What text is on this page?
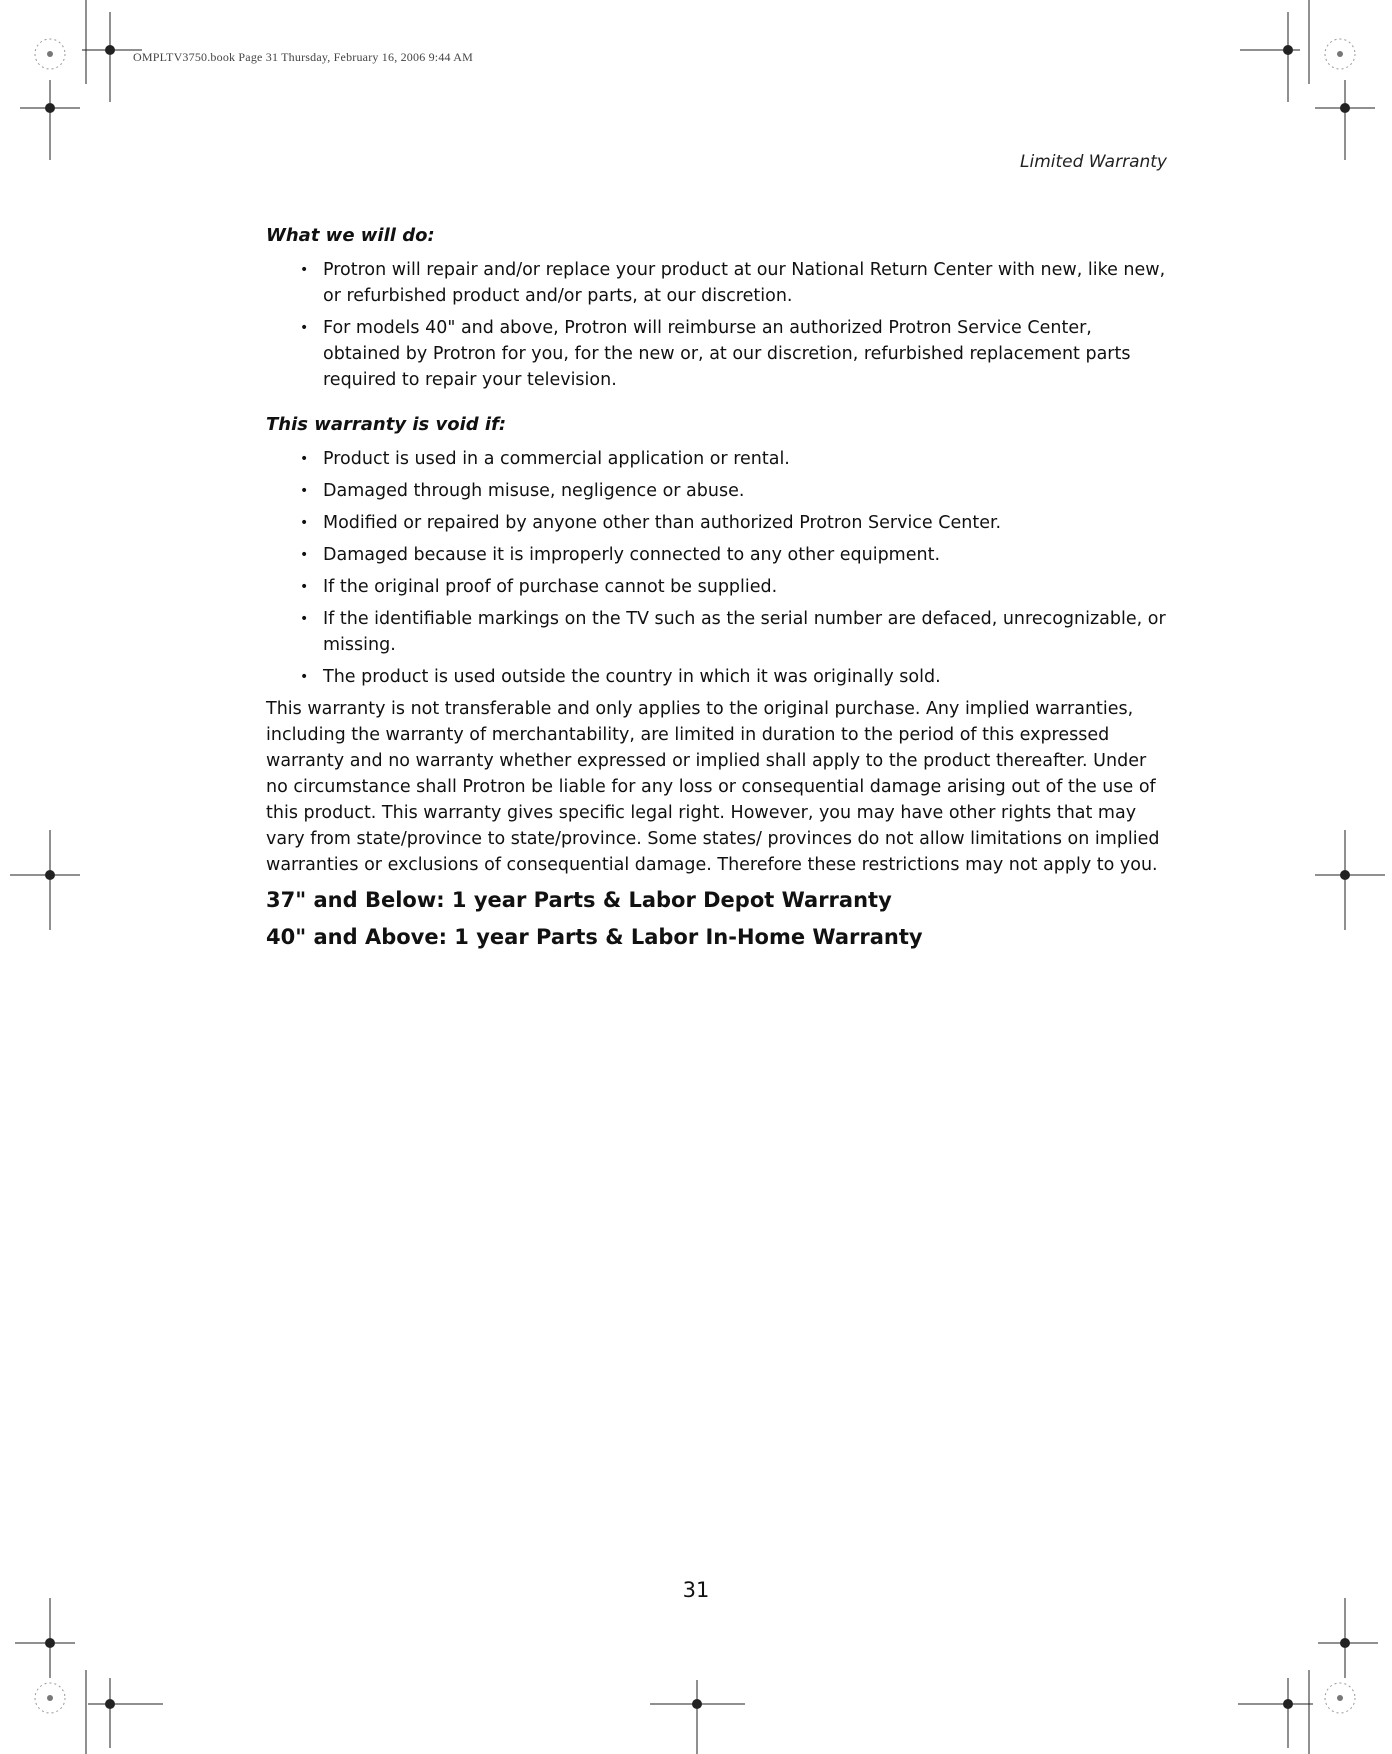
OMPLTV3750.book Page 31 Thursday, February 16, 2006 9:44 AM
Limited Warranty
What we will do:
• Protron will repair and/or replace your product at our National Return Center with new, like new, or refurbished product and/or parts, at our discretion.
• For models 40" and above, Protron will reimburse an authorized Protron Service Center, obtained by Protron for you, for the new or, at our discretion, refurbished replacement parts required to repair your television.
This warranty is void if:
• Product is used in a commercial application or rental.
• Damaged through misuse, negligence or abuse.
• Modified or repaired by anyone other than authorized Protron Service Center.
• Damaged because it is improperly connected to any other equipment.
• If the original proof of purchase cannot be supplied.
• If the identifiable markings on the TV such as the serial number are defaced, unrecognizable, or missing.
• The product is used outside the country in which it was originally sold.

This warranty is not transferable and only applies to the original purchase. Any implied warranties, including the warranty of merchantability, are limited in duration to the period of this expressed warranty and no warranty whether expressed or implied shall apply to the product thereafter. Under no circumstance shall Protron be liable for any loss or consequential damage arising out of the use of this product. This warranty gives specific legal right. However, you may have other rights that may vary from state/province to state/province. Some states/ provinces do not allow limitations on implied warranties or exclusions of consequential damage. Therefore these restrictions may not apply to you.

37" and Below: 1 year Parts & Labor Depot Warranty

40" and Above: 1 year Parts & Labor In-Home Warranty

31
